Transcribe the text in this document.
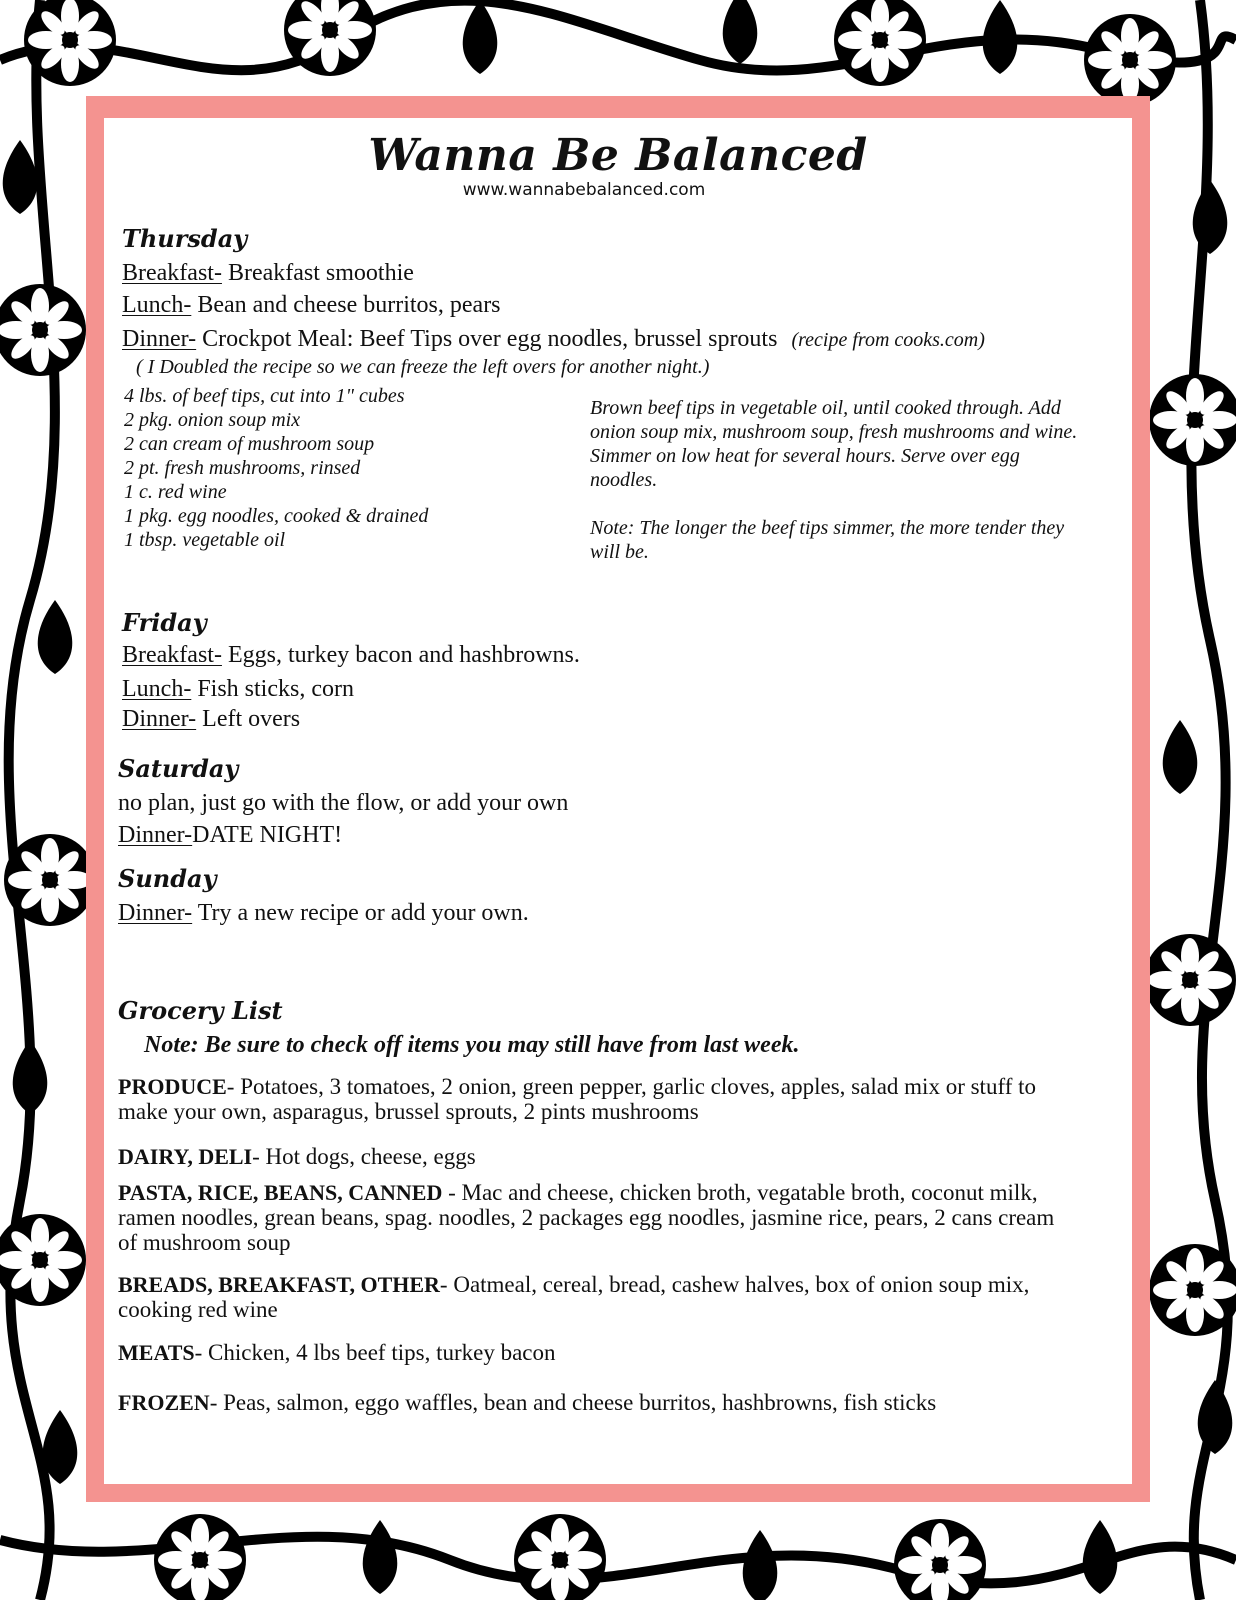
Wanna Be Balanced
www.wannabebalanced.com
Thursday
Breakfast- Breakfast smoothie
Lunch- Bean and cheese burritos, pears
Dinner- Crockpot Meal: Beef Tips over egg noodles, brussel sprouts (recipe from cooks.com)
( I Doubled the recipe so we can freeze the left overs for another night.)
4 lbs. of beef tips, cut into 1" cubes
2 pkg. onion soup mix
2 can cream of mushroom soup
2 pt. fresh mushrooms, rinsed
1 c. red wine
1 pkg. egg noodles, cooked & drained
1 tbsp. vegetable oil
Brown beef tips in vegetable oil, until cooked through. Add onion soup mix, mushroom soup, fresh mushrooms and wine. Simmer on low heat for several hours. Serve over egg noodles.
Note: The longer the beef tips simmer, the more tender they will be.
Friday
Breakfast- Eggs, turkey bacon and hashbrowns.
Lunch- Fish sticks, corn
Dinner- Left overs
Saturday
no plan, just go with the flow, or add your own
Dinner-DATE NIGHT!
Sunday
Dinner- Try a new recipe or add your own.
Grocery List
Note: Be sure to check off items you may still have from last week.
PRODUCE- Potatoes, 3 tomatoes, 2 onion, green pepper, garlic cloves, apples, salad mix or stuff to make your own, asparagus, brussel sprouts, 2 pints mushrooms
DAIRY, DELI- Hot dogs, cheese, eggs
PASTA, RICE, BEANS, CANNED - Mac and cheese, chicken broth, vegatable broth, coconut milk, ramen noodles, grean beans, spag. noodles, 2 packages egg noodles, jasmine rice, pears, 2 cans cream of mushroom soup
BREADS, BREAKFAST, OTHER- Oatmeal, cereal, bread, cashew halves, box of onion soup mix, cooking red wine
MEATS- Chicken, 4 lbs beef tips, turkey bacon
FROZEN- Peas, salmon, eggo waffles, bean and cheese burritos, hashbrowns, fish sticks
